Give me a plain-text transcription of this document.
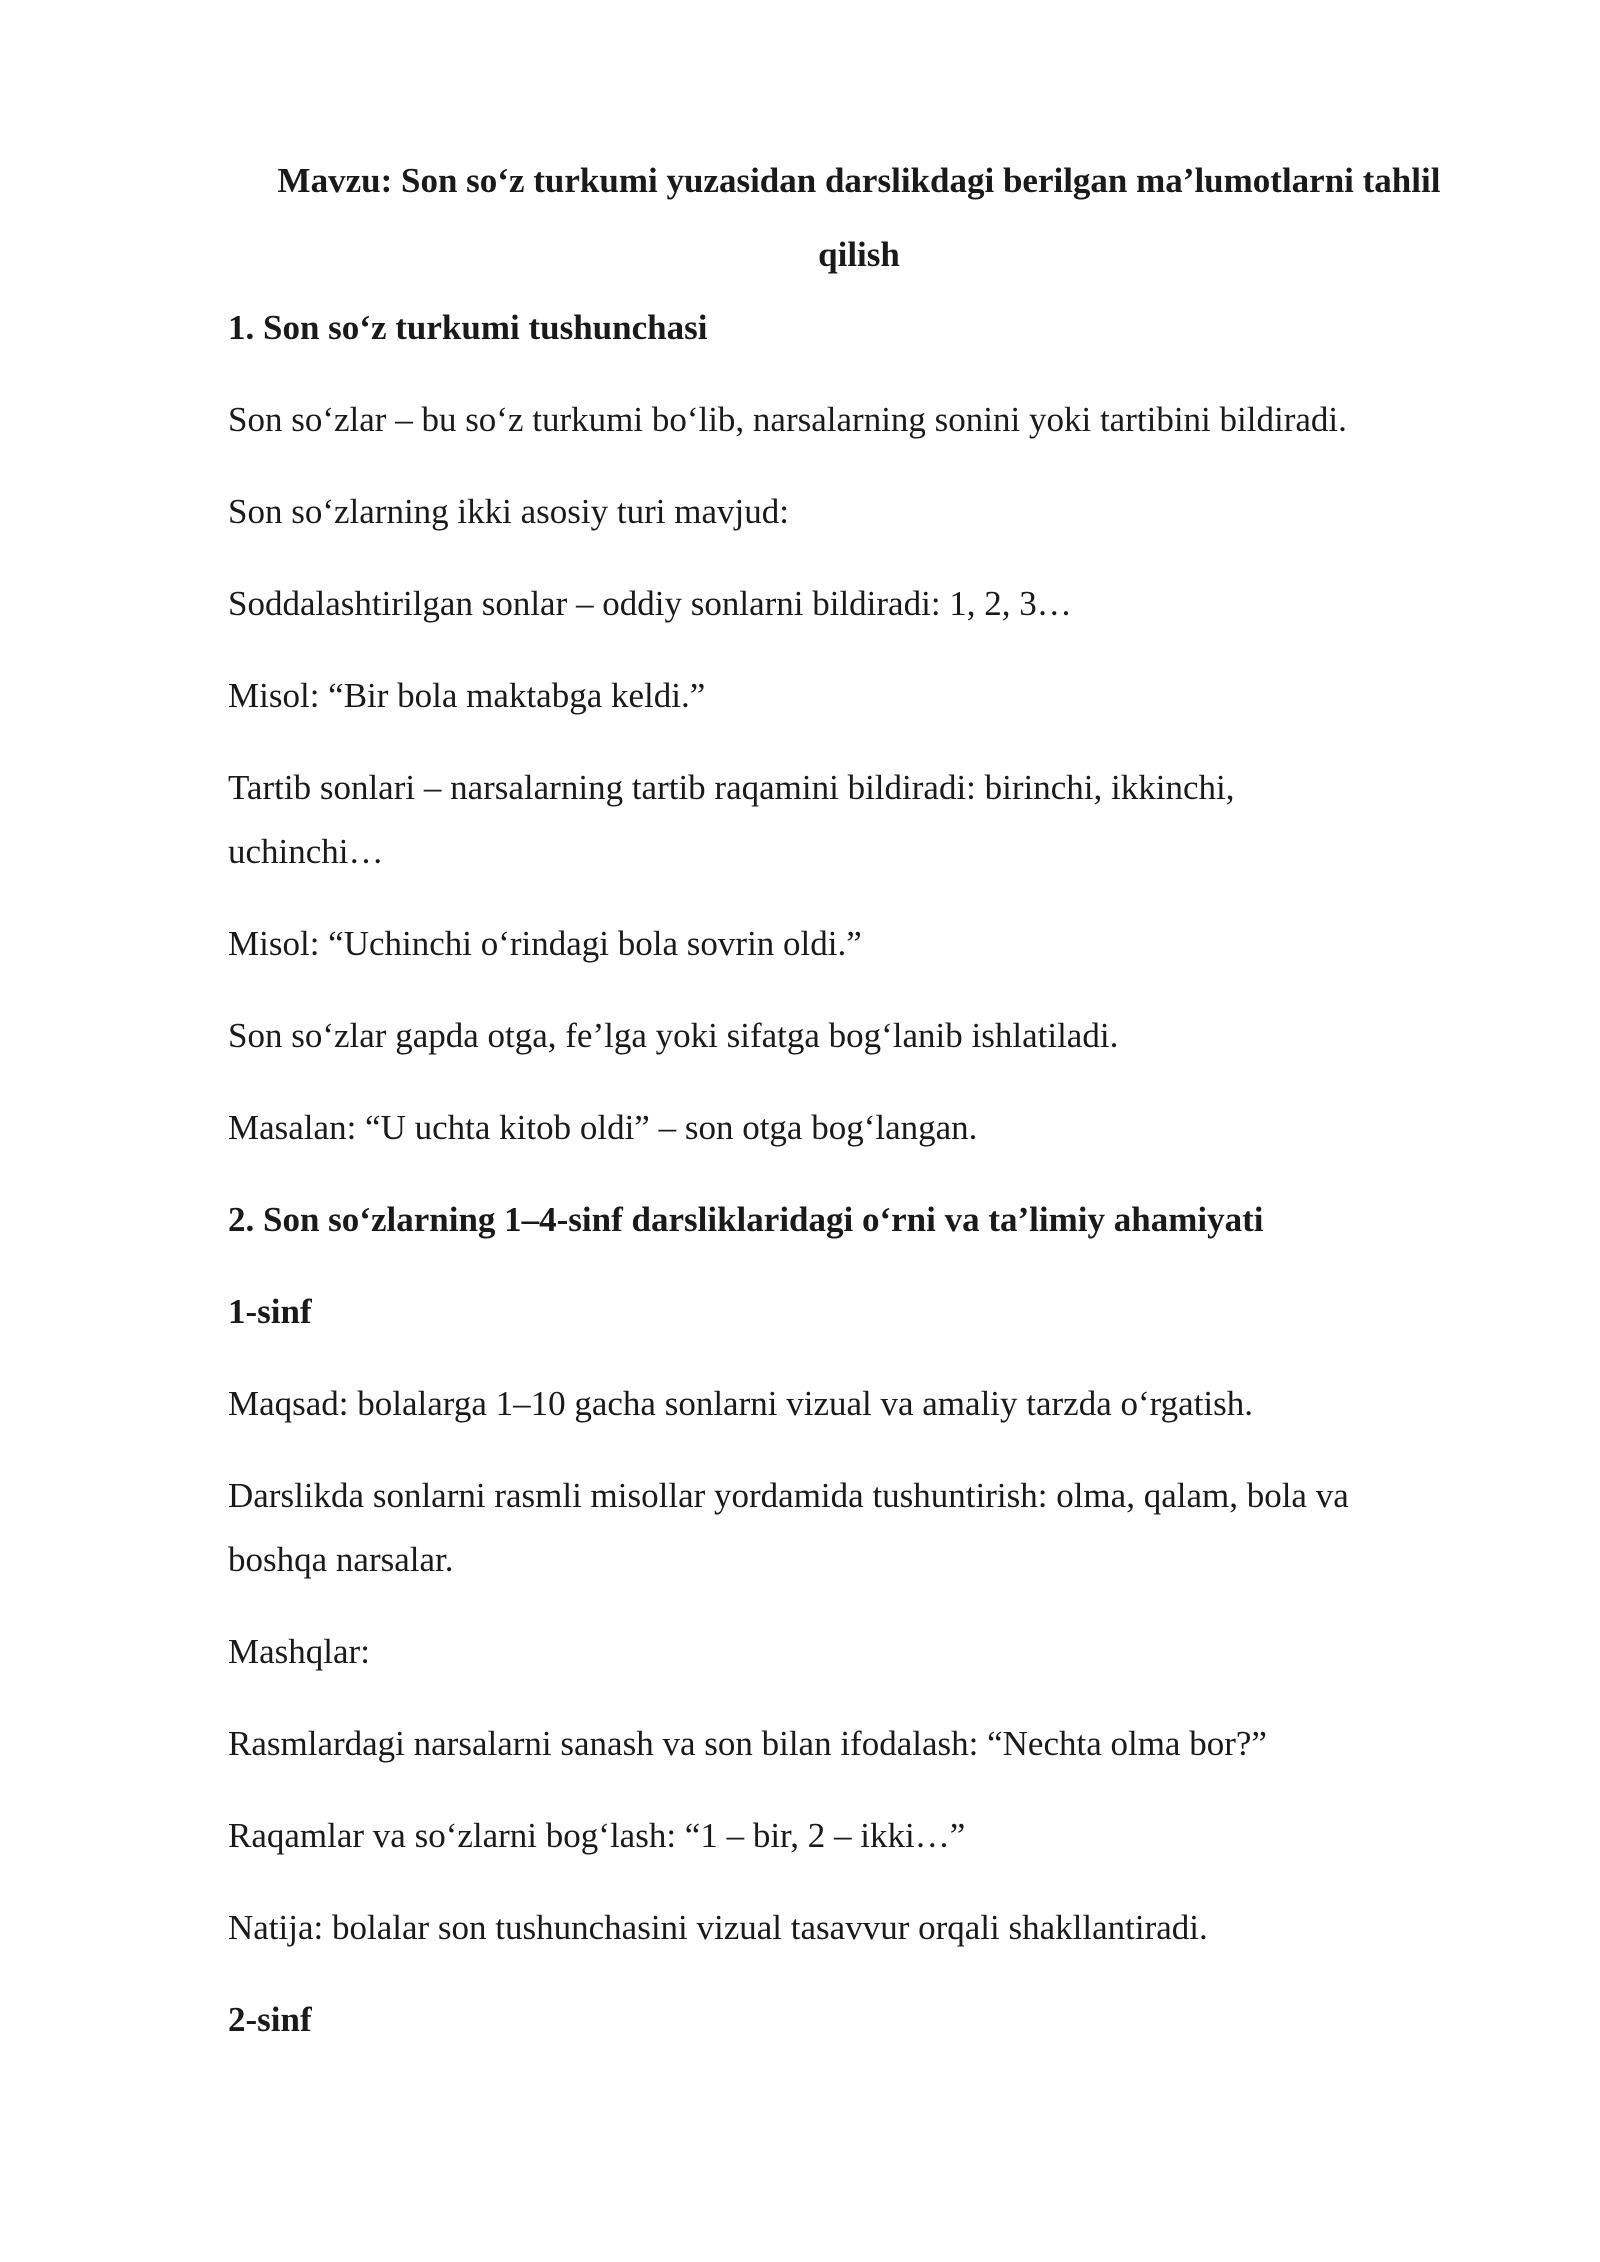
Mavzu: Son so‘z turkumi yuzasidan darslikdagi berilgan ma’lumotlarni tahlil
qilish

1. Son so‘z turkumi tushunchasi

Son so‘zlar – bu so‘z turkumi bo‘lib, narsalarning sonini yoki tartibini bildiradi.

Son so‘zlarning ikki asosiy turi mavjud:

Soddalashtirilgan sonlar – oddiy sonlarni bildiradi: 1, 2, 3…

Misol: “Bir bola maktabga keldi.”

Tartib sonlari – narsalarning tartib raqamini bildiradi: birinchi, ikkinchi,

uchinchi…

Misol: “Uchinchi o‘rindagi bola sovrin oldi.”

Son so‘zlar gapda otga, fe’lga yoki sifatga bog‘lanib ishlatiladi.

Masalan: “U uchta kitob oldi” – son otga bog‘langan.

2. Son so‘zlarning 1–4-sinf darsliklaridagi o‘rni va ta’limiy ahamiyati

1-sinf

Maqsad: bolalarga 1–10 gacha sonlarni vizual va amaliy tarzda o‘rgatish.

Darslikda sonlarni rasmli misollar yordamida tushuntirish: olma, qalam, bola va

boshqa narsalar.

Mashqlar:

Rasmlardagi narsalarni sanash va son bilan ifodalash: “Nechta olma bor?”

Raqamlar va so‘zlarni bog‘lash: “1 – bir, 2 – ikki…”

Natija: bolalar son tushunchasini vizual tasavvur orqali shakllantiradi.

2-sinf
